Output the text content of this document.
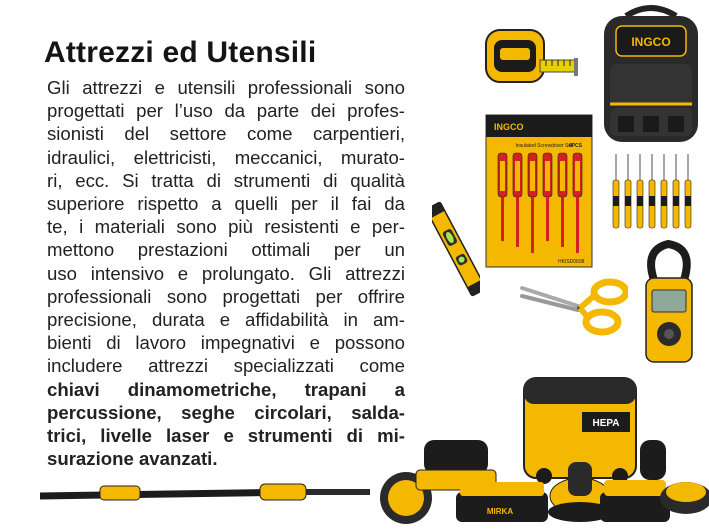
Attrezzi ed Utensili
Gli attrezzi e utensili professionali sono
progettati per l’uso da parte dei profes-
sionisti del settore come carpentieri,
idraulici, elettricisti, meccanici, murato-
ri, ecc. Si tratta di strumenti di qualità
superiore rispetto a quelli per il fai da
te, i materiali sono più resistenti e per-
mettono prestazioni ottimali per un
uso intensivo e prolungato. Gli attrezzi
professionali sono progettati per offrire
precisione, durata e affidabilità in am-
bienti di lavoro impegnativi e possono
includere attrezzi specializzati come
chiavi dinamometriche, trapani a
percussione, seghe circolari, salda-
trici, livelle laser e strumenti di mi-
surazione avanzati.
INGCO
INGCO
Insulated Screwdriver Set
6PCS
HKISD0608
HEPA
MIRKA
